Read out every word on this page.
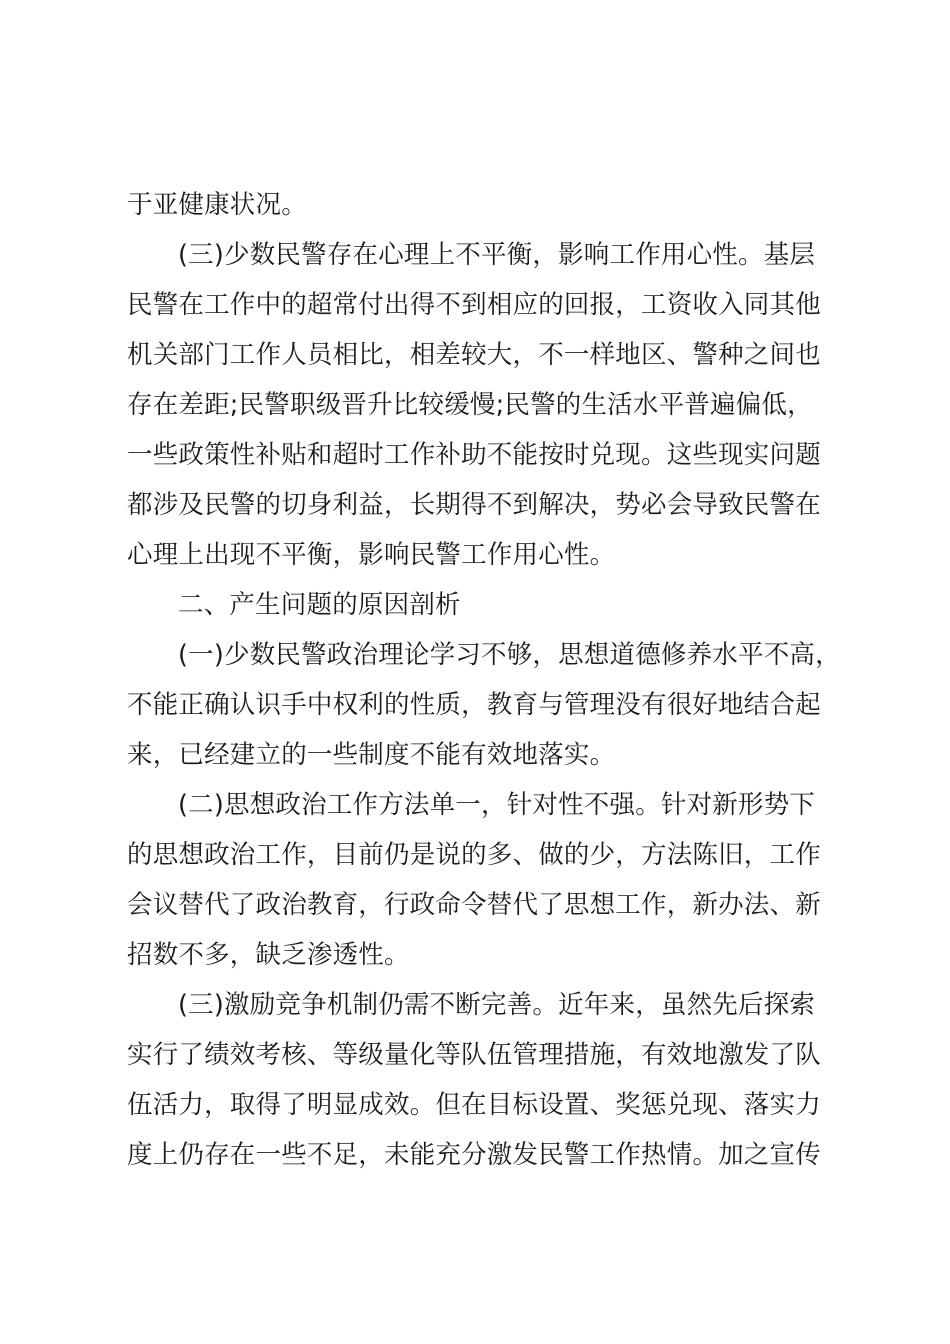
于亚健康状况。
(三)少数民警存在心理上不平衡，影响工作用心性。基层
民警在工作中的超常付出得不到相应的回报，工资收入同其他
机关部门工作人员相比，相差较大，不一样地区、警种之间也
存在差距;民警职级晋升比较缓慢;民警的生活水平普遍偏低，
一些政策性补贴和超时工作补助不能按时兑现。这些现实问题
都涉及民警的切身利益，长期得不到解决，势必会导致民警在
心理上出现不平衡，影响民警工作用心性。
二、产生问题的原因剖析
(一)少数民警政治理论学习不够，思想道德修养水平不高，
不能正确认识手中权利的性质，教育与管理没有很好地结合起
来，已经建立的一些制度不能有效地落实。
(二)思想政治工作方法单一，针对性不强。针对新形势下
的思想政治工作，目前仍是说的多、做的少，方法陈旧，工作
会议替代了政治教育，行政命令替代了思想工作，新办法、新
招数不多，缺乏渗透性。
(三)激励竞争机制仍需不断完善。近年来，虽然先后探索
实行了绩效考核、等级量化等队伍管理措施，有效地激发了队
伍活力，取得了明显成效。但在目标设置、奖惩兑现、落实力
度上仍存在一些不足，未能充分激发民警工作热情。加之宣传
